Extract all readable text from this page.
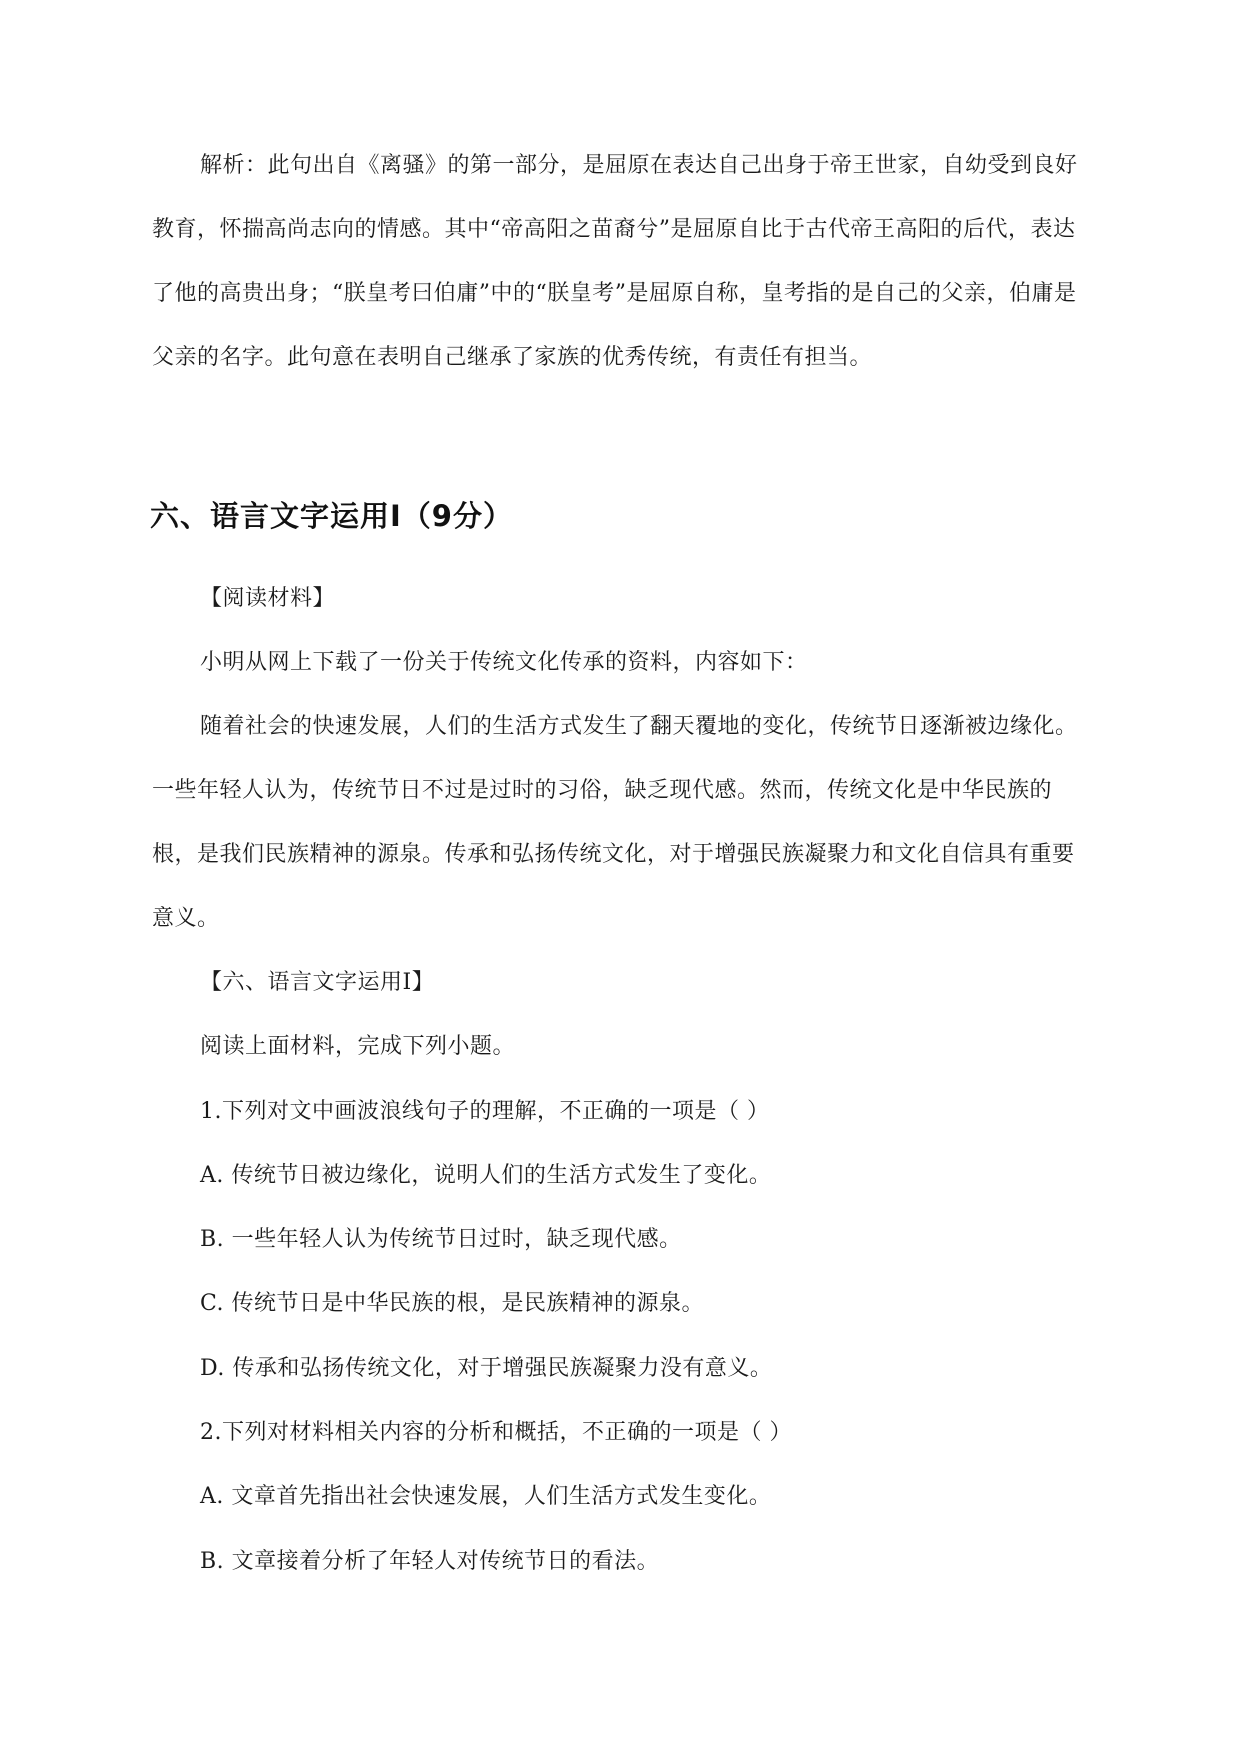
解析：此句出自《离骚》的第一部分，是屈原在表达自己出身于帝王世家，自幼受到良好教育，怀揣高尚志向的情感。其中“帝高阳之苗裔兮”是屈原自比于古代帝王高阳的后代，表达了他的高贵出身；“朕皇考曰伯庸”中的“朕皇考”是屈原自称，皇考指的是自己的父亲，伯庸是父亲的名字。此句意在表明自己继承了家族的优秀传统，有责任有担当。

六、语言文字运用Ⅰ（9分）

【阅读材料】

小明从网上下载了一份关于传统文化传承的资料，内容如下：

随着社会的快速发展，人们的生活方式发生了翻天覆地的变化，传统节日逐渐被边缘化。一些年轻人认为，传统节日不过是过时的习俗，缺乏现代感。然而，传统文化是中华民族的根，是我们民族精神的源泉。传承和弘扬传统文化，对于增强民族凝聚力和文化自信具有重要意义。

【六、语言文字运用Ⅰ】

阅读上面材料，完成下列小题。

1.下列对文中画波浪线句子的理解，不正确的一项是（ ）

A. 传统节日被边缘化，说明人们的生活方式发生了变化。

B. 一些年轻人认为传统节日过时，缺乏现代感。

C. 传统节日是中华民族的根，是民族精神的源泉。

D. 传承和弘扬传统文化，对于增强民族凝聚力没有意义。

2.下列对材料相关内容的分析和概括，不正确的一项是（ ）

A. 文章首先指出社会快速发展，人们生活方式发生变化。

B. 文章接着分析了年轻人对传统节日的看法。
